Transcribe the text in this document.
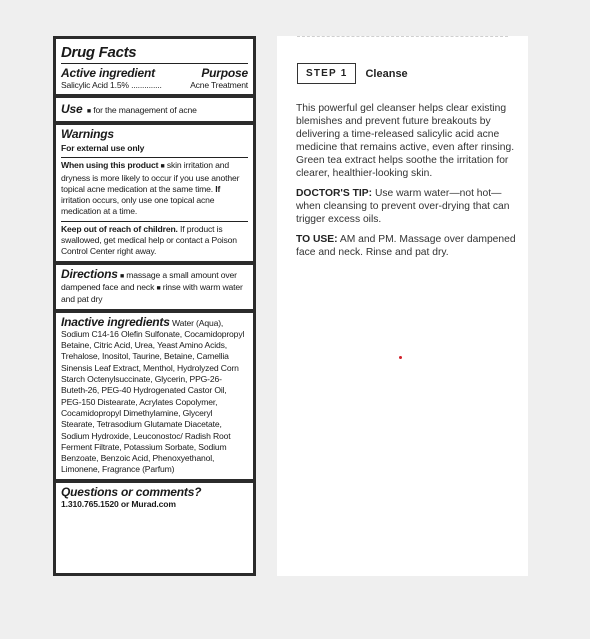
Drug Facts
Active ingredient	Purpose
Salicylic Acid 1.5% ..............	Acne Treatment
Use ■ for the management of acne
Warnings
For external use only
When using this product ■ skin irritation and dryness is more likely to occur if you use another topical acne medication at the same time. If irritation occurs, only use one topical acne medication at a time.
Keep out of reach of children. If product is swallowed, get medical help or contact a Poison Control Center right away.
Directions ■ massage a small amount over dampened face and neck ■ rinse with warm water and pat dry
Inactive ingredients Water (Aqua), Sodium C14-16 Olefin Sulfonate, Cocamidopropyl Betaine, Citric Acid, Urea, Yeast Amino Acids, Trehalose, Inositol, Taurine, Betaine, Camellia Sinensis Leaf Extract, Menthol, Hydrolyzed Corn Starch Octenylsuccinate, Glycerin, PPG-26-Buteth-26, PEG-40 Hydrogenated Castor Oil, PEG-150 Distearate, Acrylates Copolymer, Cocamidopropyl Dimethylamine, Glyceryl Stearate, Tetrasodium Glutamate Diacetate, Sodium Hydroxide, Leuconostoc/ Radish Root Ferment Filtrate, Potassium Sorbate, Sodium Benzoate, Benzoic Acid, Phenoxyethanol, Limonene, Fragrance (Parfum)
Questions or comments?
1.310.765.1520 or Murad.com
STEP 1	Cleanse

This powerful gel cleanser helps clear existing blemishes and prevent future breakouts by delivering a time-released salicylic acid acne medicine that remains active, even after rinsing. Green tea extract helps soothe the irritation for clearer, healthier-looking skin.

DOCTOR'S TIP: Use warm water—not hot—when cleansing to prevent over-drying that can trigger excess oils.

TO USE: AM and PM. Massage over dampened face and neck. Rinse and pat dry.
